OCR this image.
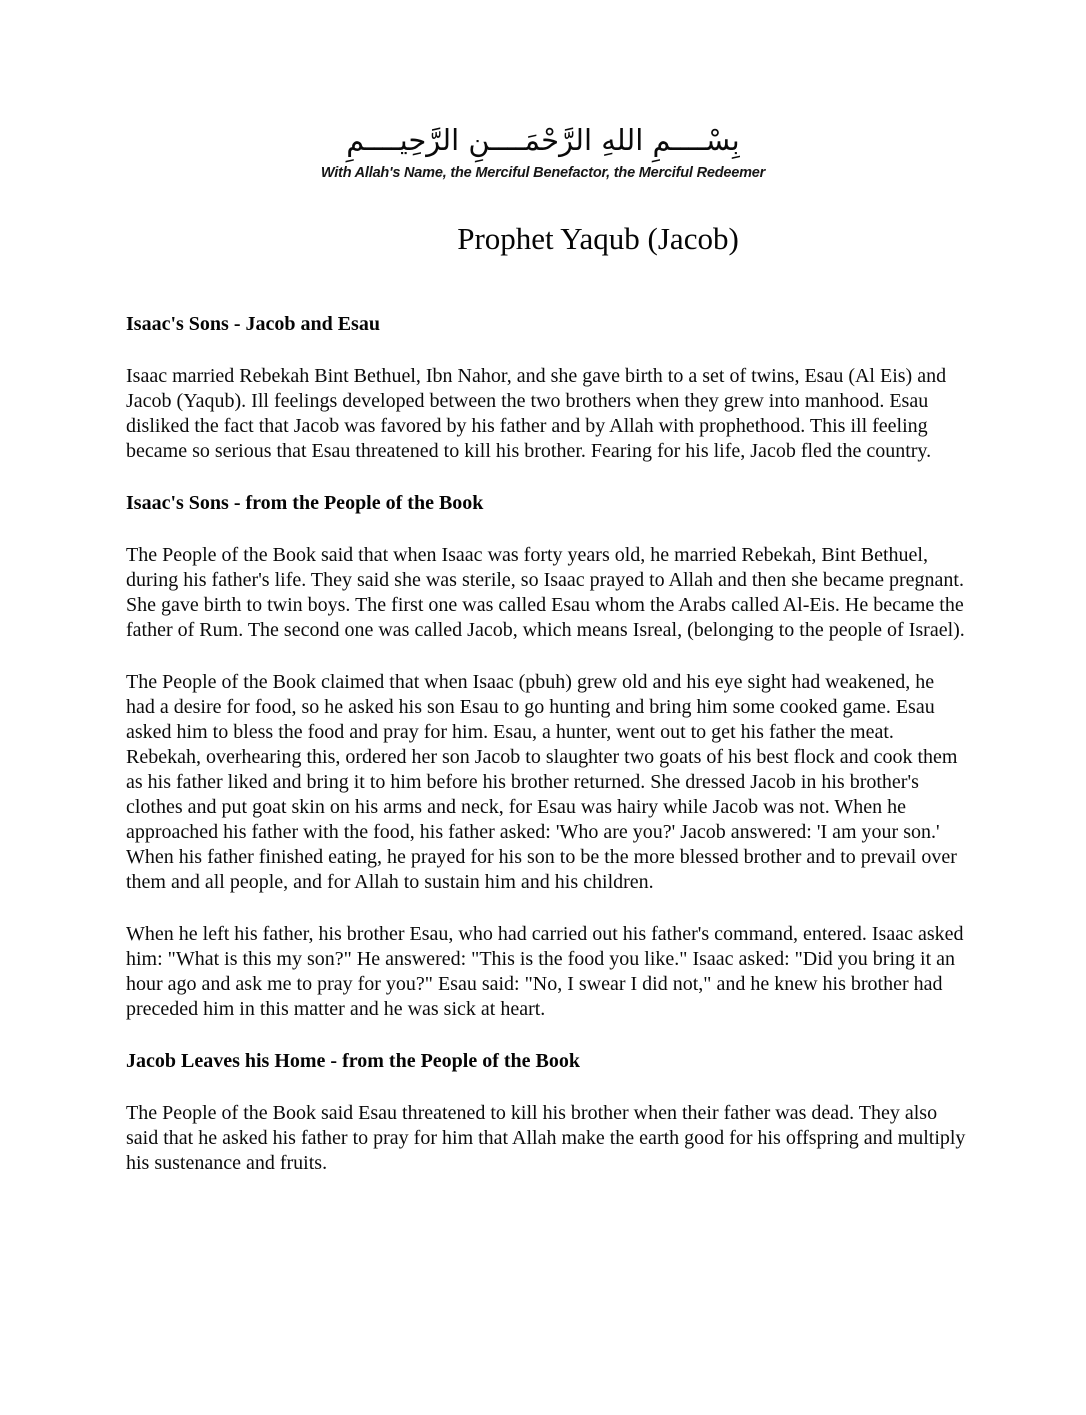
بِسْــــمِ اللهِ الرَّحْمَــــنِ الرَّحِيــــمِ
With Allah's Name, the Merciful Benefactor, the Merciful Redeemer
Prophet Yaqub (Jacob)
Isaac's Sons - Jacob and Esau

Isaac married Rebekah Bint Bethuel, Ibn Nahor, and she gave birth to a set of twins, Esau (Al Eis) and Jacob (Yaqub). Ill feelings developed between the two brothers when they grew into manhood. Esau disliked the fact that Jacob was favored by his father and by Allah with prophethood. This ill feeling became so serious that Esau threatened to kill his brother. Fearing for his life, Jacob fled the country.

Isaac's Sons - from the People of the Book

The People of the Book said that when Isaac was forty years old, he married Rebekah, Bint Bethuel, during his father's life. They said she was sterile, so Isaac prayed to Allah and then she became pregnant. She gave birth to twin boys. The first one was called Esau whom the Arabs called Al-Eis. He became the father of Rum. The second one was called Jacob, which means Isreal, (belonging to the people of Israel).

The People of the Book claimed that when Isaac (pbuh) grew old and his eye sight had weakened, he had a desire for food, so he asked his son Esau to go hunting and bring him some cooked game. Esau asked him to bless the food and pray for him. Esau, a hunter, went out to get his father the meat. Rebekah, overhearing this, ordered her son Jacob to slaughter two goats of his best flock and cook them as his father liked and bring it to him before his brother returned. She dressed Jacob in his brother's clothes and put goat skin on his arms and neck, for Esau was hairy while Jacob was not. When he approached his father with the food, his father asked: 'Who are you?' Jacob answered: 'I am your son.' When his father finished eating, he prayed for his son to be the more blessed brother and to prevail over them and all people, and for Allah to sustain him and his children.

When he left his father, his brother Esau, who had carried out his father's command, entered. Isaac asked him: "What is this my son?" He answered: "This is the food you like." Isaac asked: "Did you bring it an hour ago and ask me to pray for you?" Esau said: "No, I swear I did not," and he knew his brother had preceded him in this matter and he was sick at heart.

Jacob Leaves his Home - from the People of the Book

The People of the Book said Esau threatened to kill his brother when their father was dead. They also said that he asked his father to pray for him that Allah make the earth good for his offspring and multiply his sustenance and fruits.
